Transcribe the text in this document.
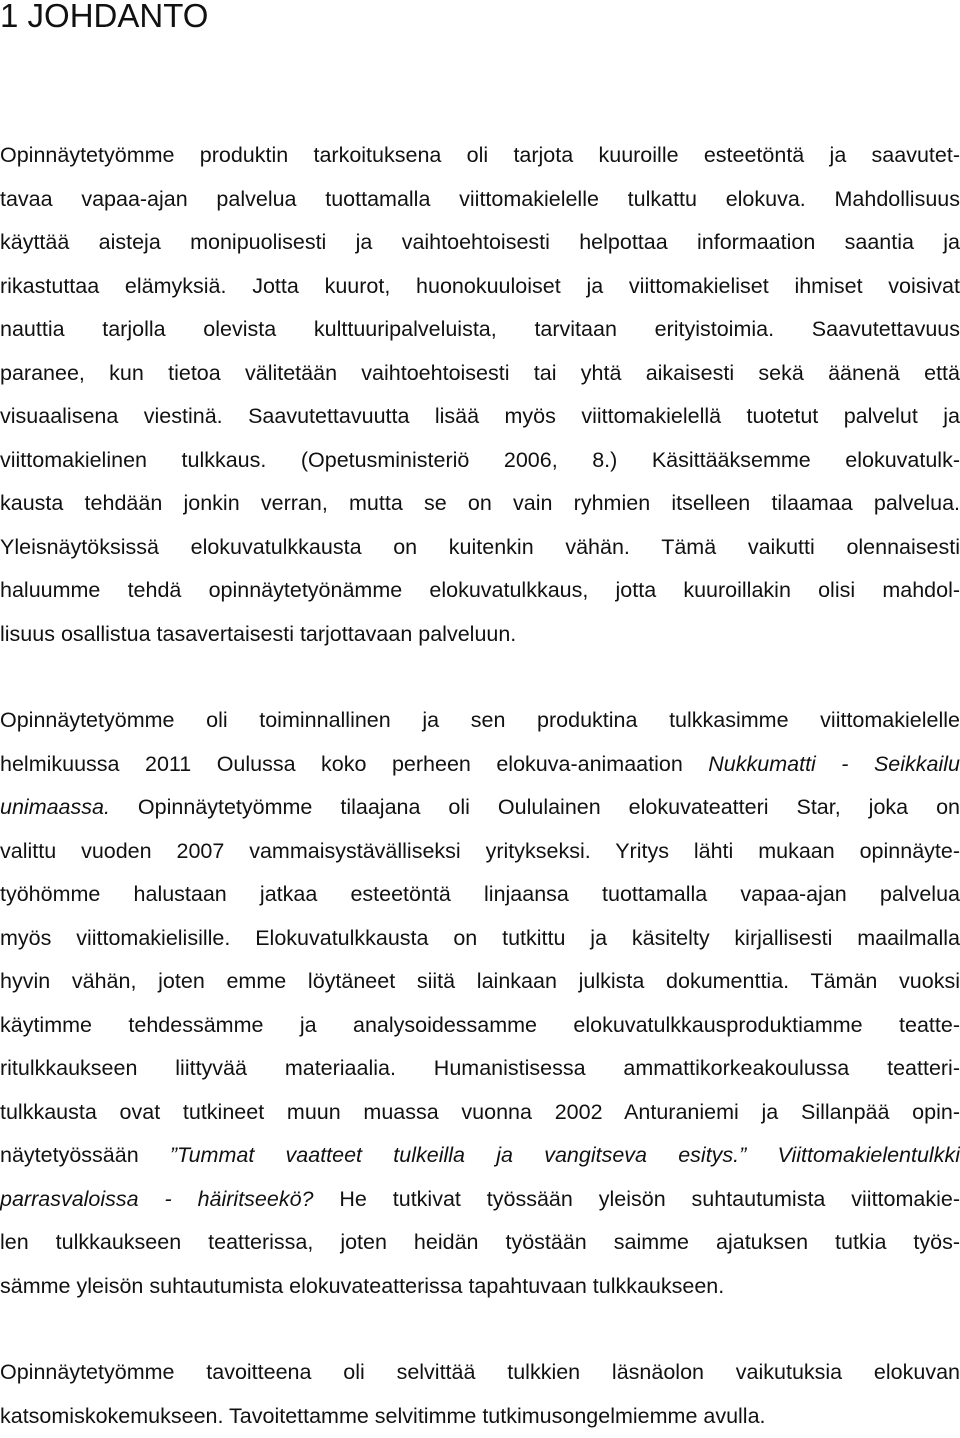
1 JOHDANTO
Opinnäytetyömme produktin tarkoituksena oli tarjota kuuroille esteetöntä ja saavutet-
tavaa vapaa-ajan palvelua tuottamalla viittomakielelle tulkattu elokuva. Mahdollisuus
käyttää aisteja monipuolisesti ja vaihtoehtoisesti helpottaa informaation saantia ja
rikastuttaa elämyksiä. Jotta kuurot, huonokuuloiset ja viittomakieliset ihmiset voisivat
nauttia tarjolla olevista kulttuuripalveluista, tarvitaan erityistoimia. Saavutettavuus
paranee, kun tietoa välitetään vaihtoehtoisesti tai yhtä aikaisesti sekä äänenä että
visuaalisena viestinä. Saavutettavuutta lisää myös viittomakielellä tuotetut palvelut ja
viittomakielinen tulkkaus. (Opetusministeriö 2006, 8.) Käsittääksemme elokuvatulk-
kausta tehdään jonkin verran, mutta se on vain ryhmien itselleen tilaamaa palvelua.
Yleisnäytöksissä elokuvatulkkausta on kuitenkin vähän. Tämä vaikutti olennaisesti
haluumme tehdä opinnäytetyönämme elokuvatulkkaus, jotta kuuroillakin olisi mahdol-
lisuus osallistua tasavertaisesti tarjottavaan palveluun.
Opinnäytetyömme oli toiminnallinen ja sen produktina tulkkasimme viittomakielelle
helmikuussa 2011 Oulussa koko perheen elokuva-animaation Nukkumatti - Seikkailu
unimaassa. Opinnäytetyömme tilaajana oli Oululainen elokuvateatteri Star, joka on
valittu vuoden 2007 vammaisystävälliseksi yritykseksi. Yritys lähti mukaan opinnäyte-
työhömme halustaan jatkaa esteetöntä linjaansa tuottamalla vapaa-ajan palvelua
myös viittomakielisille. Elokuvatulkkausta on tutkittu ja käsitelty kirjallisesti maailmalla
hyvin vähän, joten emme löytäneet siitä lainkaan julkista dokumenttia. Tämän vuoksi
käytimme tehdessämme ja analysoidessamme elokuvatulkkausproduktiamme teatte-
ritulkkaukseen liittyvää materiaalia. Humanistisessa ammattikorkeakoulussa teatteri-
tulkkausta ovat tutkineet muun muassa vuonna 2002 Anturaniemi ja Sillanpää opin-
näytetyössään ”Tummat vaatteet tulkeilla ja vangitseva esitys.” Viittomakielentulkki
parrasvaloissa - häiritseekö? He tutkivat työssään yleisön suhtautumista viittomakie-
len tulkkaukseen teatterissa, joten heidän työstään saimme ajatuksen tutkia työs-
sämme yleisön suhtautumista elokuvateatterissa tapahtuvaan tulkkaukseen.
Opinnäytetyömme tavoitteena oli selvittää tulkkien läsnäolon vaikutuksia elokuvan
katsomiskokemukseen. Tavoitettamme selvitimme tutkimusongelmiemme avulla.
